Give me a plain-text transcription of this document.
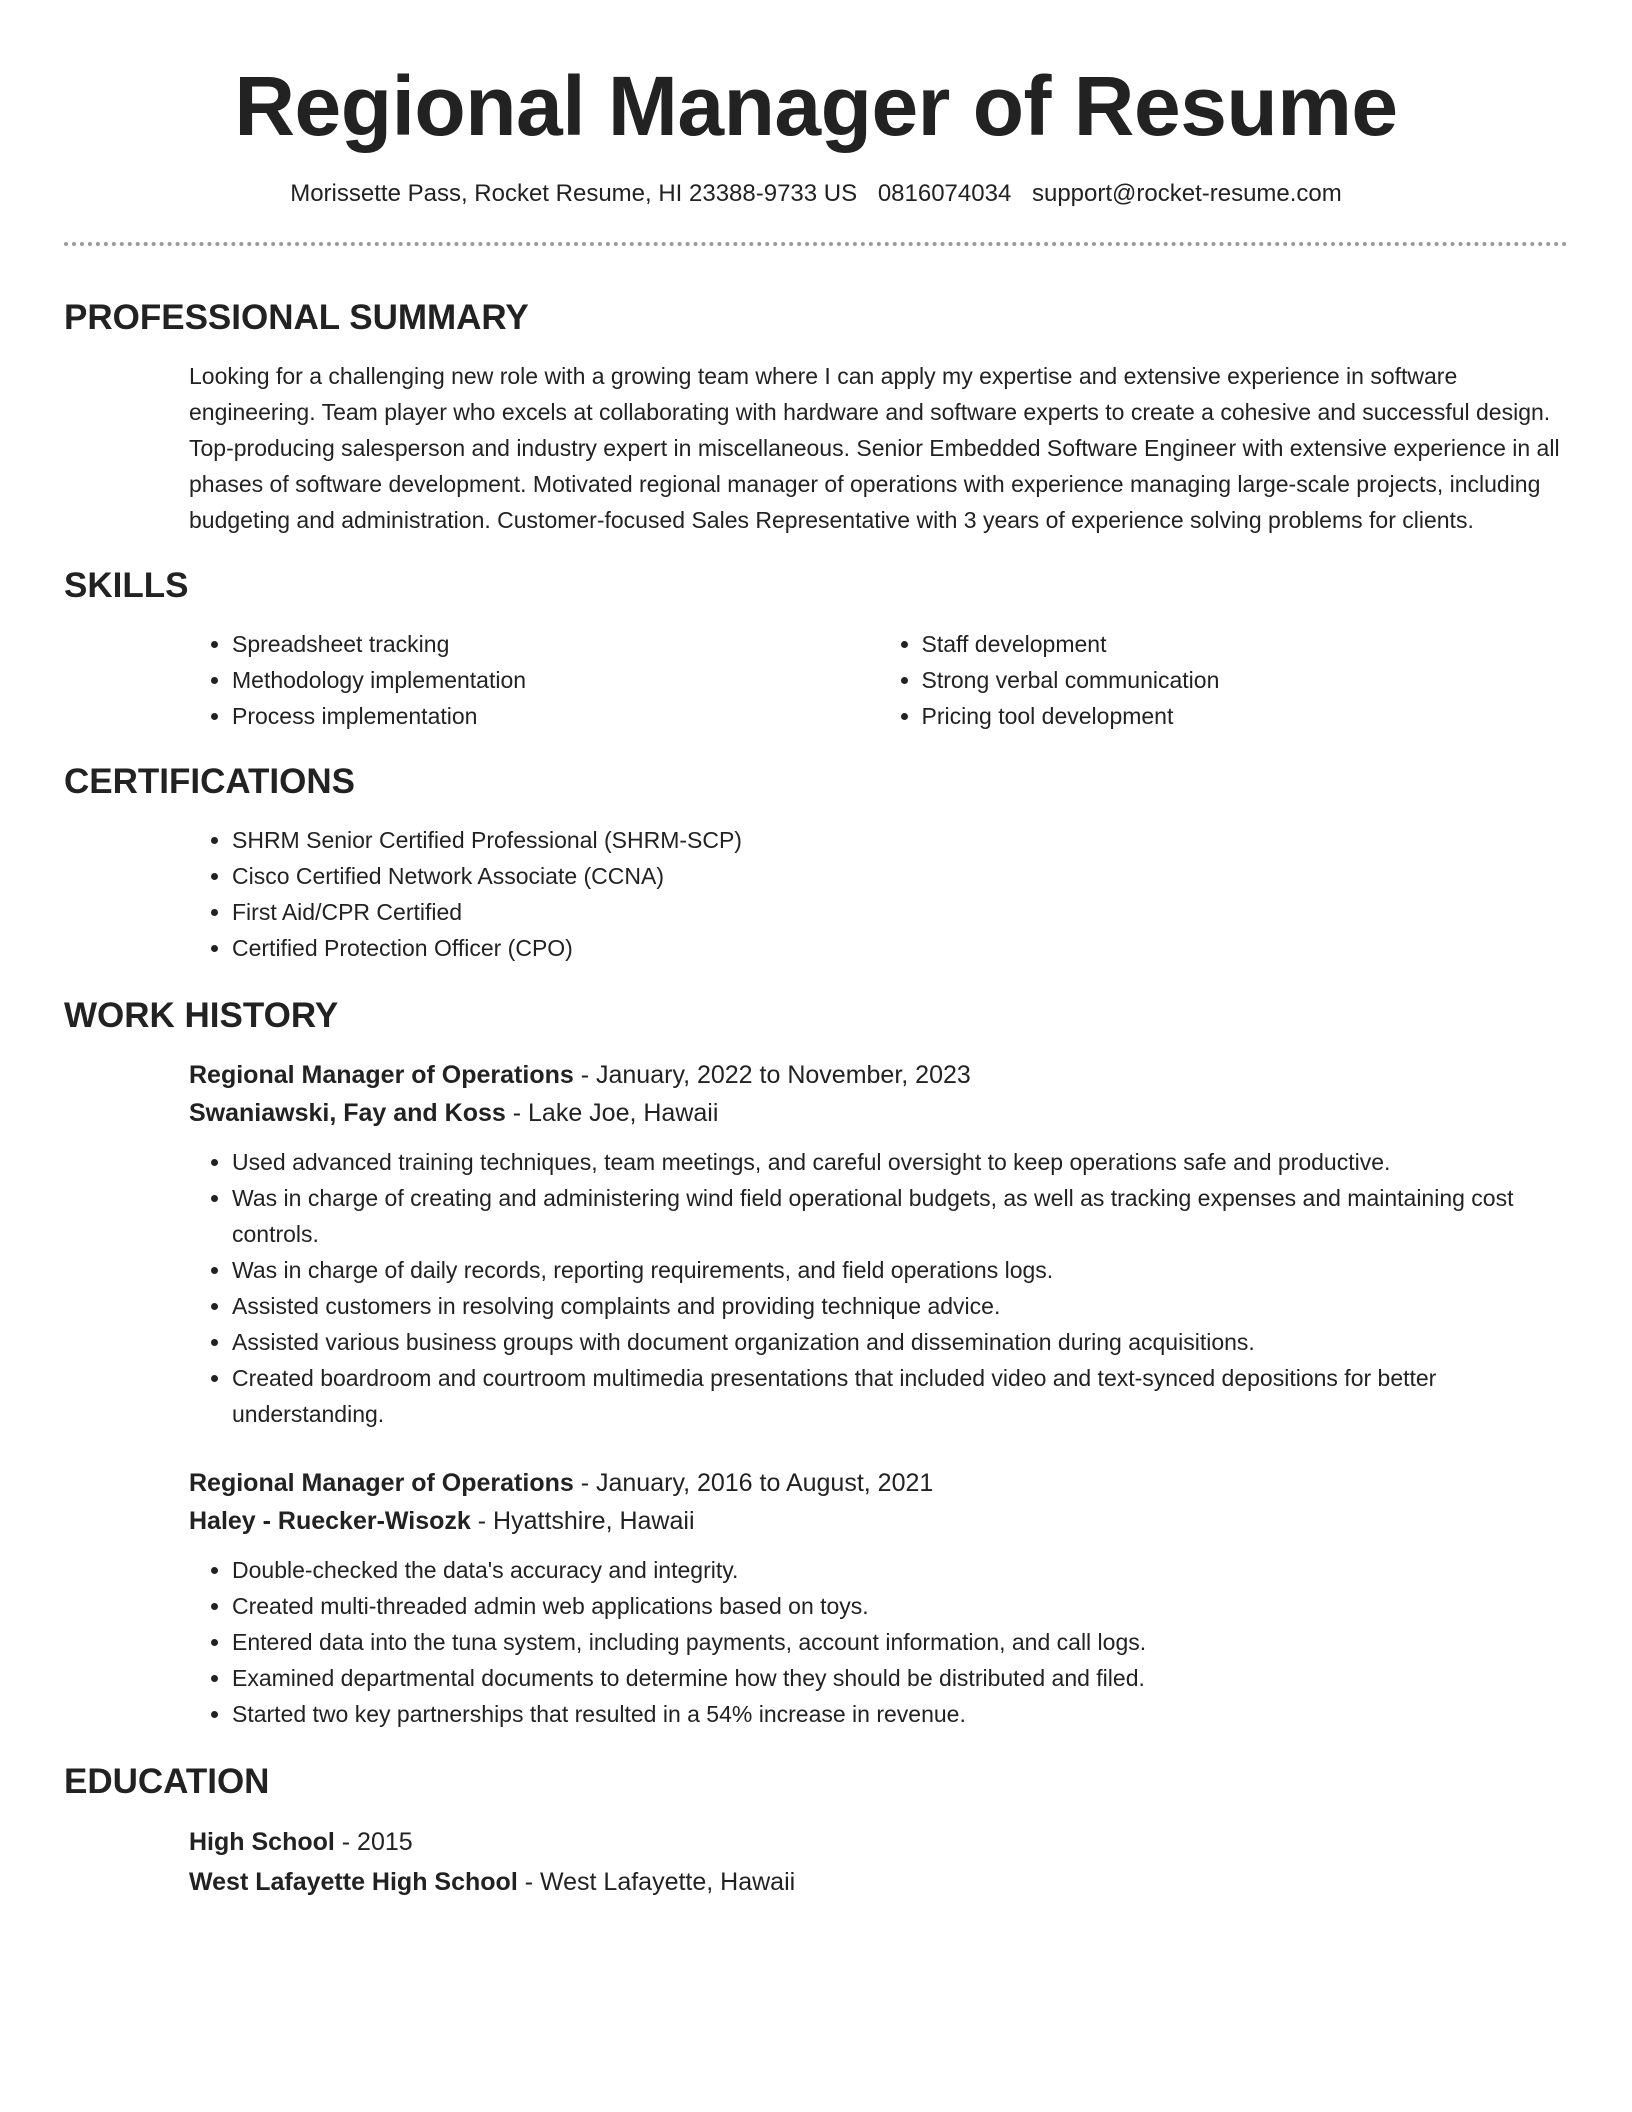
Regional Manager of Resume
Morissette Pass, Rocket Resume, HI 23388-9733 US 0816074034 support@rocket-resume.com
PROFESSIONAL SUMMARY
Looking for a challenging new role with a growing team where I can apply my expertise and extensive experience in software engineering. Team player who excels at collaborating with hardware and software experts to create a cohesive and successful design. Top-producing salesperson and industry expert in miscellaneous. Senior Embedded Software Engineer with extensive experience in all phases of software development. Motivated regional manager of operations with experience managing large-scale projects, including budgeting and administration. Customer-focused Sales Representative with 3 years of experience solving problems for clients.
SKILLS
• Spreadsheet tracking
• Methodology implementation
• Process implementation
• Staff development
• Strong verbal communication
• Pricing tool development
CERTIFICATIONS
• SHRM Senior Certified Professional (SHRM-SCP)
• Cisco Certified Network Associate (CCNA)
• First Aid/CPR Certified
• Certified Protection Officer (CPO)
WORK HISTORY
Regional Manager of Operations - January, 2022 to November, 2023
Swaniawski, Fay and Koss - Lake Joe, Hawaii
• Used advanced training techniques, team meetings, and careful oversight to keep operations safe and productive.
• Was in charge of creating and administering wind field operational budgets, as well as tracking expenses and maintaining cost controls.
• Was in charge of daily records, reporting requirements, and field operations logs.
• Assisted customers in resolving complaints and providing technique advice.
• Assisted various business groups with document organization and dissemination during acquisitions.
• Created boardroom and courtroom multimedia presentations that included video and text-synced depositions for better understanding.
Regional Manager of Operations - January, 2016 to August, 2021
Haley - Ruecker-Wisozk - Hyattshire, Hawaii
• Double-checked the data's accuracy and integrity.
• Created multi-threaded admin web applications based on toys.
• Entered data into the tuna system, including payments, account information, and call logs.
• Examined departmental documents to determine how they should be distributed and filed.
• Started two key partnerships that resulted in a 54% increase in revenue.
EDUCATION
High School - 2015
West Lafayette High School - West Lafayette, Hawaii
